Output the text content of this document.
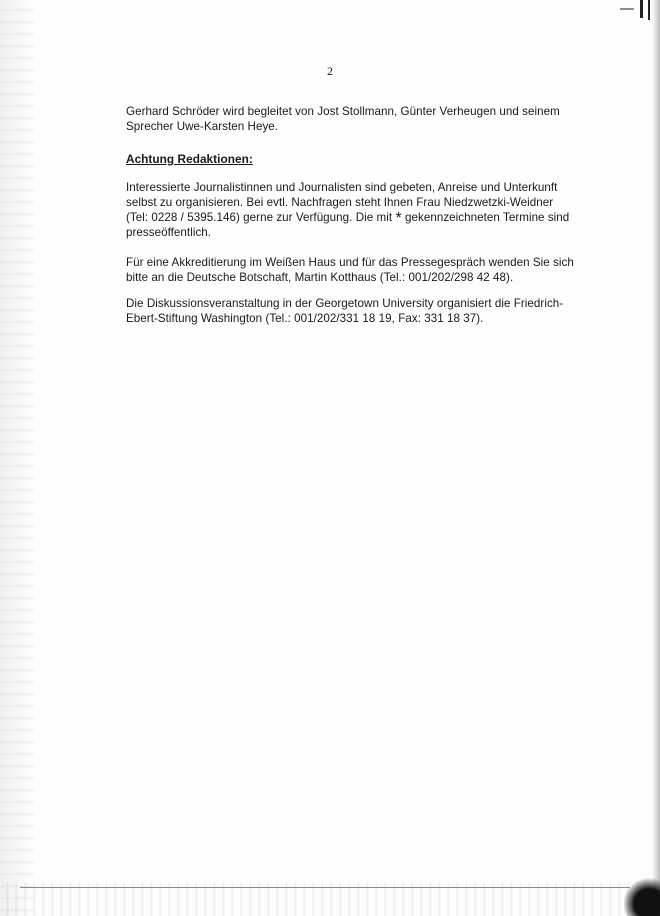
2
Gerhard Schröder wird begleitet von Jost Stollmann, Günter Verheugen und seinem
Sprecher Uwe-Karsten Heye.
Achtung Redaktionen:
Interessierte Journalistinnen und Journalisten sind gebeten, Anreise und Unterkunft
selbst zu organisieren. Bei evtl. Nachfragen steht Ihnen Frau Niedzwetzki-Weidner
(Tel: 0228 / 5395.146) gerne zur Verfügung. Die mit * gekennzeichneten Termine sind
presseöffentlich.
Für eine Akkreditierung im Weißen Haus und für das Pressegespräch wenden Sie sich
bitte an die Deutsche Botschaft, Martin Kotthaus (Tel.: 001/202/298 42 48).
Die Diskussionsveranstaltung in der Georgetown University organisiert die Friedrich-
Ebert-Stiftung Washington (Tel.: 001/202/331 18 19, Fax: 331 18 37).
